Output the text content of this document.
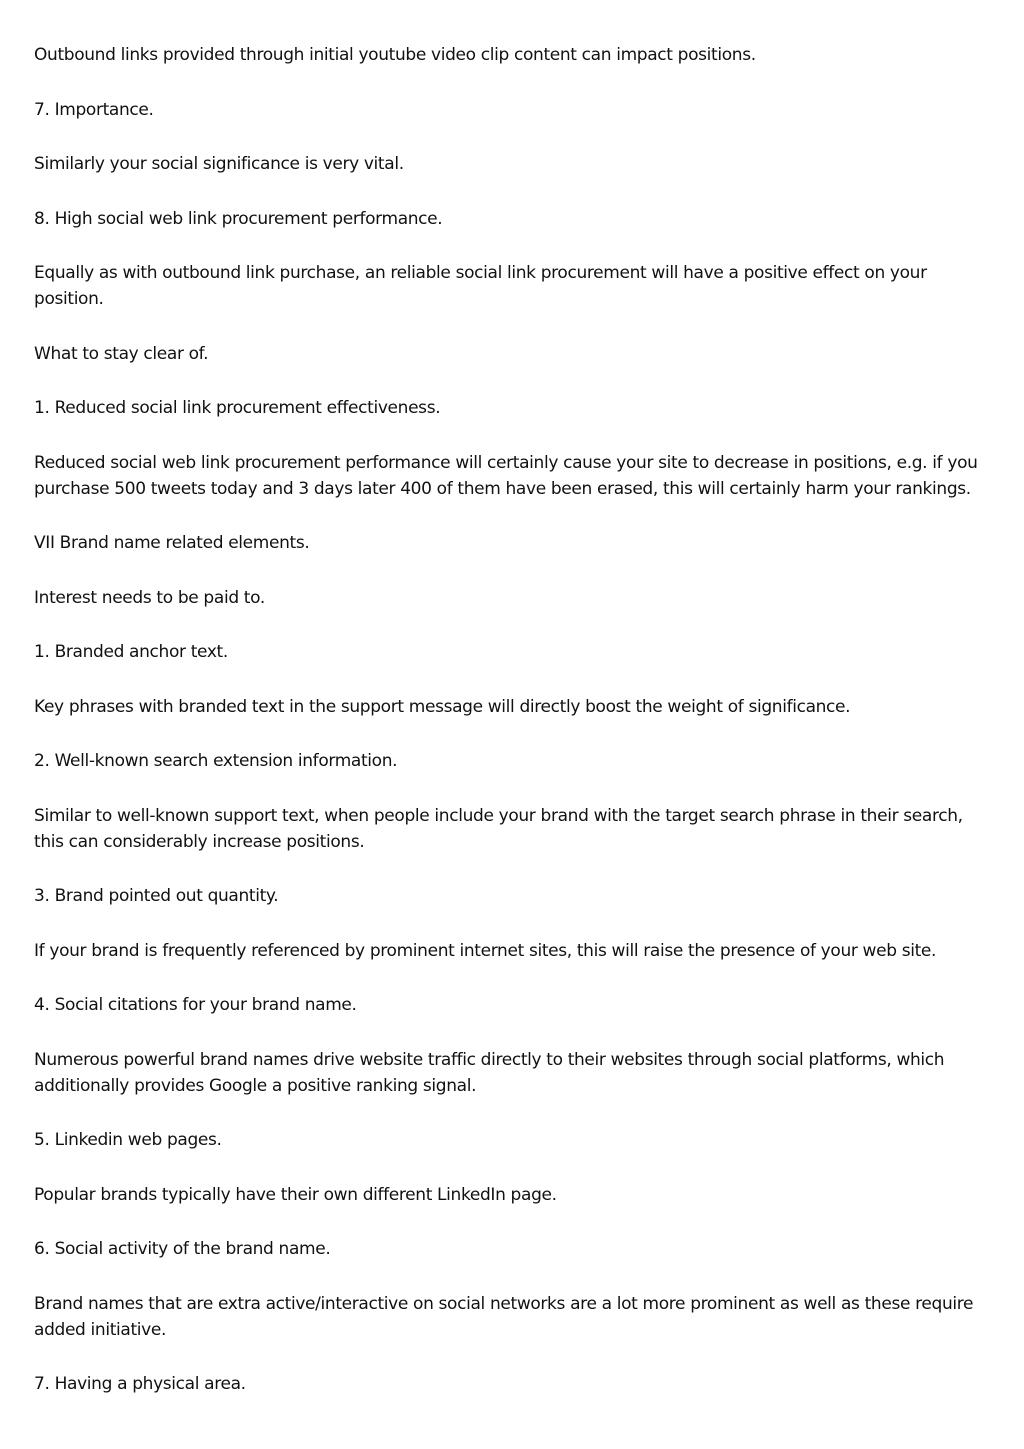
Outbound links provided through initial youtube video clip content can impact positions.

7. Importance.

Similarly your social significance is very vital.

8. High social web link procurement performance.

Equally as with outbound link purchase, an reliable social link procurement will have a positive effect on your position.

What to stay clear of.

1. Reduced social link procurement effectiveness.

Reduced social web link procurement performance will certainly cause your site to decrease in positions, e.g. if you purchase 500 tweets today and 3 days later 400 of them have been erased, this will certainly harm your rankings.

VII Brand name related elements.

Interest needs to be paid to.

1. Branded anchor text.

Key phrases with branded text in the support message will directly boost the weight of significance.

2. Well-known search extension information.

Similar to well-known support text, when people include your brand with the target search phrase in their search, this can considerably increase positions.

3. Brand pointed out quantity.

If your brand is frequently referenced by prominent internet sites, this will raise the presence of your web site.

4. Social citations for your brand name.

Numerous powerful brand names drive website traffic directly to their websites through social platforms, which additionally provides Google a positive ranking signal.

5. Linkedin web pages.

Popular brands typically have their own different LinkedIn page.

6. Social activity of the brand name.

Brand names that are extra active/interactive on social networks are a lot more prominent as well as these require added initiative.

7. Having a physical area.
